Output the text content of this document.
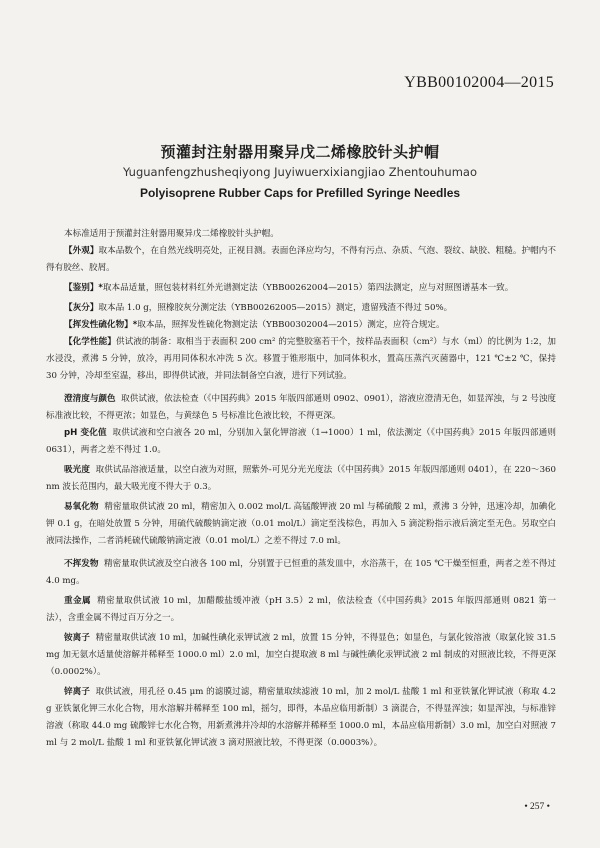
YBB00102004—2015
预灌封注射器用聚异戊二烯橡胶针头护帽
Yuguanfengzhusheqiyong Juyiwuerxixiangjiao Zhentouhumao
Polyisoprene Rubber Caps for Prefilled Syringe Needles

本标准适用于预灌封注射器用聚异戊二烯橡胶针头护帽。

【外观】取本品数个，在自然光线明亮处，正视目测。表面色泽应均匀，不得有污点、杂质、气泡、裂纹、缺胶、粗糙。护帽内不得有胶丝、胶屑。

【鉴别】*取本品适量，照包装材料红外光谱测定法（YBB00262004—2015）第四法测定，应与对照图谱基本一致。

【灰分】取本品 1.0 g，照橡胶灰分测定法（YBB00262005—2015）测定，遗留残渣不得过 50%。

【挥发性硫化物】*取本品，照挥发性硫化物测定法（YBB00302004—2015）测定，应符合规定。

【化学性能】供试液的制备：取相当于表面积 200 cm² 的完整胶塞若干个，按样品表面积（cm²）与水（ml）的比例为 1:2，加水浸没，煮沸 5 分钟，放冷，再用同体积水冲洗 5 次。移置于锥形瓶中，加同体积水，置高压蒸汽灭菌器中，121 ℃±2 ℃，保持 30 分钟，冷却至室温，移出，即得供试液，并同法制备空白液，进行下列试验。

澄清度与颜色 取供试液，依法检查（《中国药典》2015 年版四部通则 0902、0901），溶液应澄清无色，如显浑浊，与 2 号浊度标准液比较，不得更浓；如显色，与黄绿色 5 号标准比色液比较，不得更深。

pH 变化值 取供试液和空白液各 20 ml，分别加入氯化钾溶液（1→1000）1 ml，依法测定（《中国药典》2015 年版四部通则 0631），两者之差不得过 1.0。

吸光度 取供试品溶液适量，以空白液为对照，照紫外-可见分光光度法（《中国药典》2015 年版四部通则 0401），在 220～360 nm 波长范围内，最大吸光度不得大于 0.3。

易氧化物 精密量取供试液 20 ml，精密加入 0.002 mol/L 高锰酸钾液 20 ml 与稀硫酸 2 ml，煮沸 3 分钟，迅速冷却，加碘化钾 0.1 g，在暗处放置 5 分钟，用硫代硫酸钠滴定液（0.01 mol/L）滴定至浅棕色，再加入 5 滴淀粉指示液后滴定至无色。另取空白液同法操作，二者消耗硫代硫酸钠滴定液（0.01 mol/L）之差不得过 7.0 ml。

不挥发物 精密量取供试液及空白液各 100 ml，分别置于已恒重的蒸发皿中，水浴蒸干，在 105 ℃干燥至恒重，两者之差不得过 4.0 mg。

重金属 精密量取供试液 10 ml，加醋酸盐缓冲液（pH 3.5）2 ml，依法检查（《中国药典》2015 年版四部通则 0821 第一法），含重金属不得过百万分之一。

铵离子 精密量取供试液 10 ml，加碱性碘化汞钾试液 2 ml，放置 15 分钟，不得显色；如显色，与氯化铵溶液（取氯化铵 31.5 mg 加无氨水适量使溶解并稀释至 1000.0 ml）2.0 ml，加空白提取液 8 ml 与碱性碘化汞钾试液 2 ml 制成的对照液比较，不得更深（0.0002%）。

锌离子 取供试液，用孔径 0.45 μm 的滤膜过滤，精密量取续滤液 10 ml，加 2 mol/L 盐酸 1 ml 和亚铁氰化钾试液（称取 4.2 g 亚铁氰化钾三水化合物，用水溶解并稀释至 100 ml，摇匀，即得，本品应临用新制）3 滴混合，不得显浑浊；如显浑浊，与标准锌溶液（称取 44.0 mg 硫酸锌七水化合物，用新煮沸并冷却的水溶解并稀释至 1000.0 ml，本品应临用新制）3.0 ml，加空白对照液 7 ml 与 2 mol/L 盐酸 1 ml 和亚铁氰化钾试液 3 滴对照液比较，不得更深（0.0003%）。

• 257 •
